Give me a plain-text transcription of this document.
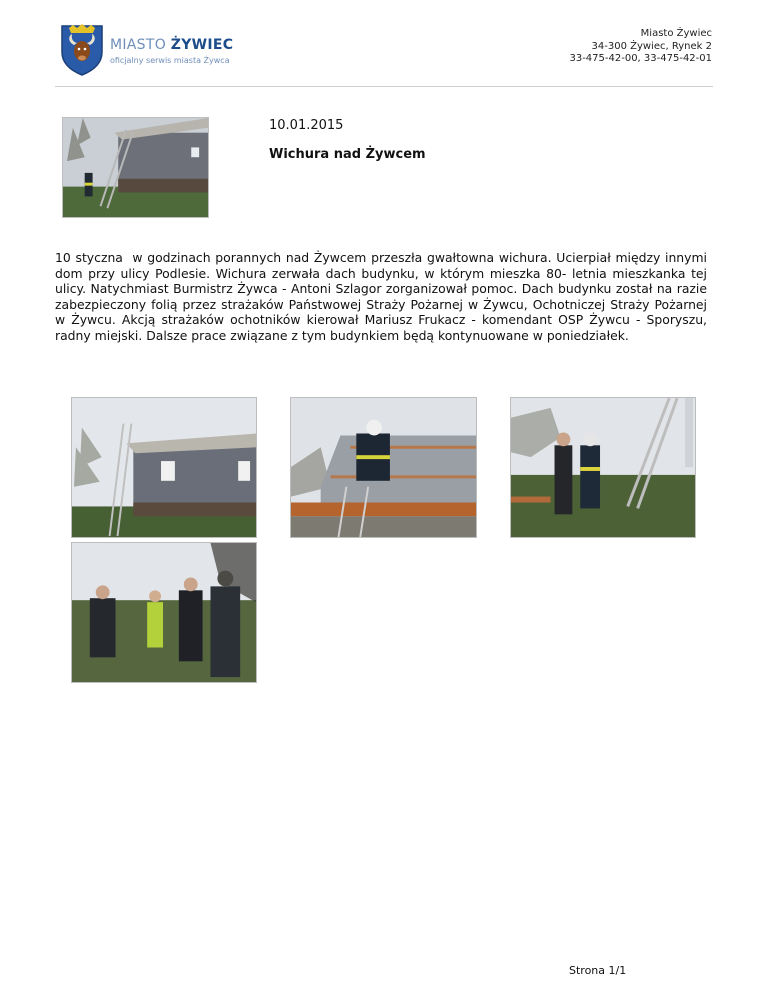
MIASTO ŻYWIEC
oficjalny serwis miasta Żywca
Miasto Żywiec
34-300 Żywiec, Rynek 2
33-475-42-00, 33-475-42-01
10.01.2015
Wichura nad Żywcem
10 styczna  w godzinach porannych nad Żywcem przeszła gwałtowna wichura. Ucierpiał między innymi dom przy ulicy Podlesie. Wichura zerwała dach budynku, w którym mieszka 80- letnia mieszkanka tej ulicy. Natychmiast Burmistrz Żywca - Antoni Szlagor zorganizował pomoc. Dach budynku został na razie zabezpieczony folią przez strażaków Państwowej Straży Pożarnej w Żywcu, Ochotniczej Straży Pożarnej w Żywcu. Akcją strażaków ochotników kierował Mariusz Frukacz - komendant OSP Żywcu - Sporyszu, radny miejski. Dalsze prace związane z tym budynkiem będą kontynuowane w poniedziałek.
Strona 1/1
